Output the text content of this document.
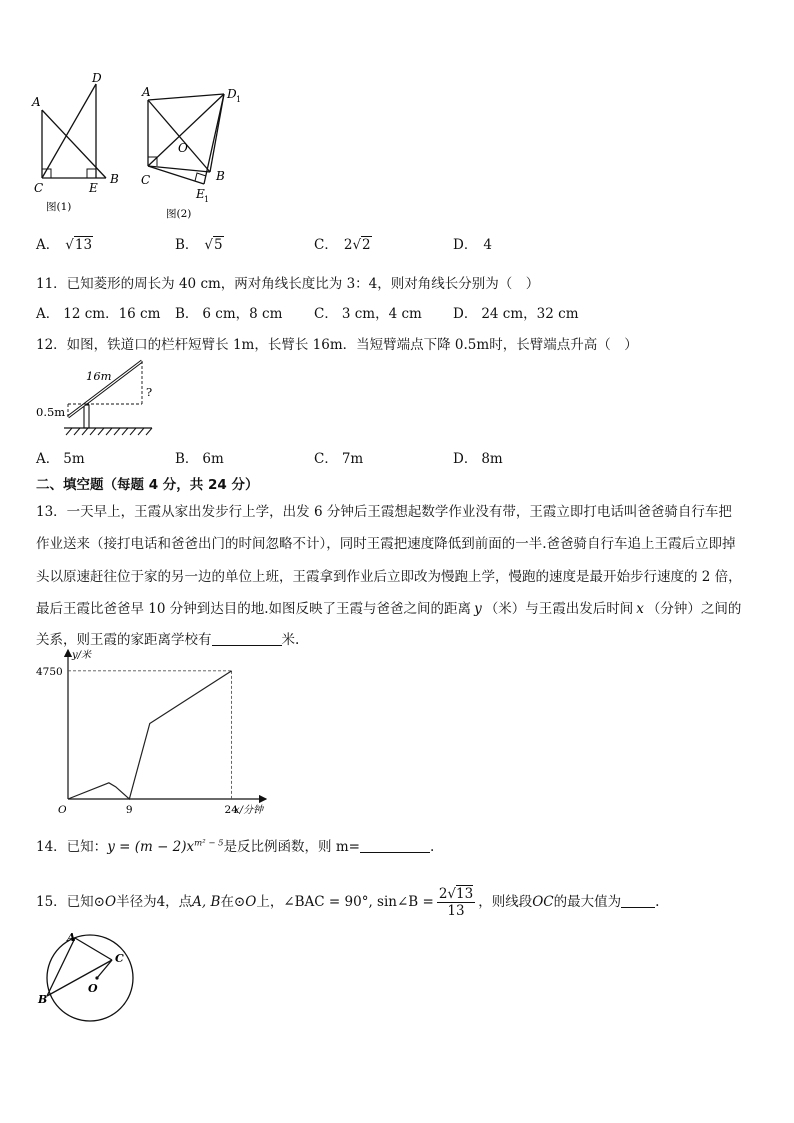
A
D
C	E
B
图(1)
A	D 1
O
C	B
E 1
图(2)
A． √13	B． √5	C． 2√2	D． 4
11．已知菱形的周长为 40 cm，两对角线长度比为 3：4，则对角线长分别为（　）
A． 12 cm．16 cm B． 6 cm，8 cm C． 3 cm，4 cm D． 24 cm，32 cm
12．如图，铁道口的栏杆短臂长 1m，长臂长 16m．当短臂端点下降 0.5m时，长臂端点升高（　）
16m
0.5m
?
A． 5m	B． 6m	C． 7m	D． 8m
二、填空题（每题 4 分，共 24 分）
13．一天早上，王霞从家出发步行上学，出发 6 分钟后王霞想起数学作业没有带，王霞立即打电话叫爸爸骑自行车把
作业送来（接打电话和爸爸出门的时间忽略不计），同时王霞把速度降低到前面的一半.爸爸骑自行车追上王霞后立即掉
头以原速赶往位于家的另一边的单位上班，王霞拿到作业后立即改为慢跑上学，慢跑的速度是最开始步行速度的 2 倍，
最后王霞比爸爸早 10 分钟到达目的地.如图反映了王霞与爸爸之间的距离 y （米）与王霞出发后时间 x （分钟）之间的
关系，则王霞的家距离学校有	米.
9	24
4750
O	x/分钟
y/米
14．已知：$y = (m - 2)x^{m^2 - 5}$是反比例函数，则 m=	.
15．已知⊙O半径为4，点A, B在⊙O上，∠BAC = 90°, sin∠B = $\frac{2√13}{13}$ ，则线段OC的最大值为	.
A
B
C
O
